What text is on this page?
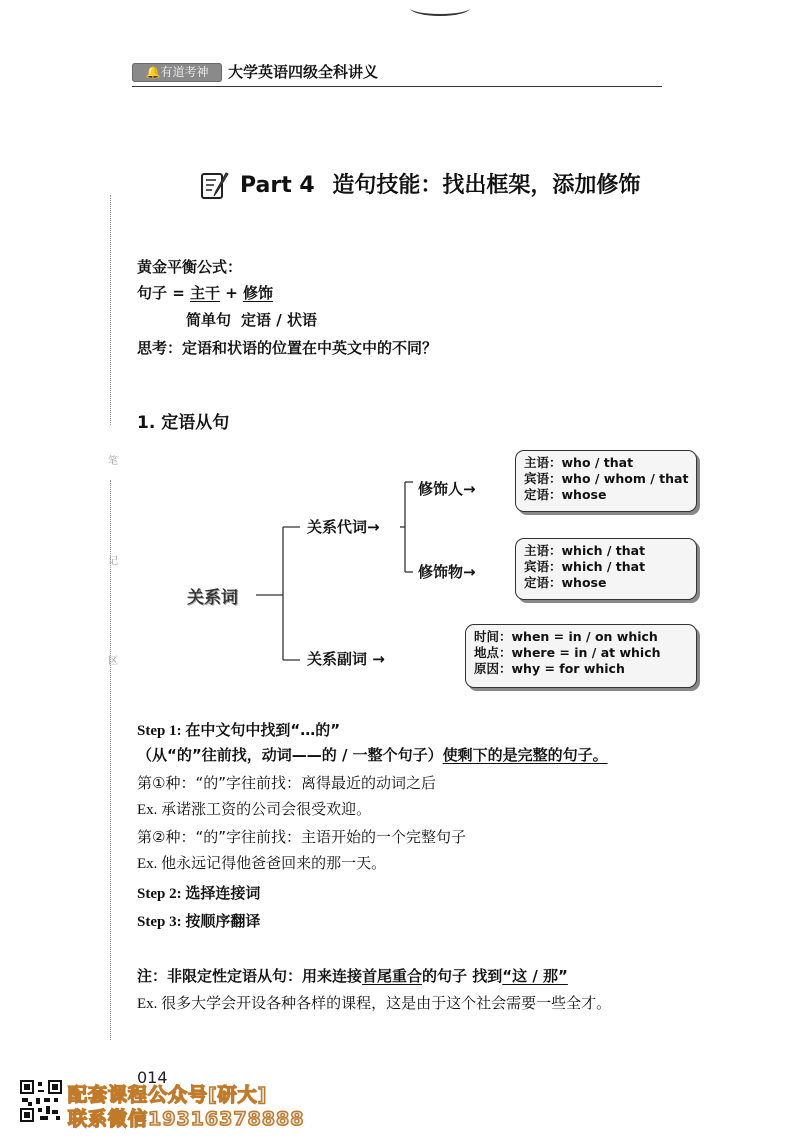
🔔有道考神	大学英语四级全科讲义
笔
记
区
Part 4 造句技能：找出框架，添加修饰
黄金平衡公式：
句子 = 主干 + 修饰
简单句 定语 / 状语
思考：定语和状语的位置在中英文中的不同？
1. 定语从句
关系词
关系代词→
关系副词 →
修饰人→
修饰物→
主语：who / that
宾语：who / whom / that
定语：whose
主语：which / that
宾语：which / that
定语：whose
时间：when = in / on which
地点：where = in / at which
原因：why = for which
Step 1: 在中文句中找到“…的”
（从“的”往前找，动词——的 / 一整个句子）使剩下的是完整的句子。
第①种：“的”字往前找：离得最近的动词之后
Ex. 承诺涨工资的公司会很受欢迎。
第②种：“的”字往前找：主语开始的一个完整句子
Ex. 他永远记得他爸爸回来的那一天。
Step 2: 选择连接词
Step 3: 按顺序翻译
注：非限定性定语从句：用来连接首尾重合的句子 找到“这 / 那”
Ex. 很多大学会开设各种各样的课程，这是由于这个社会需要一些全才。
014
配套课程公众号[研大]
联系微信19316378888
